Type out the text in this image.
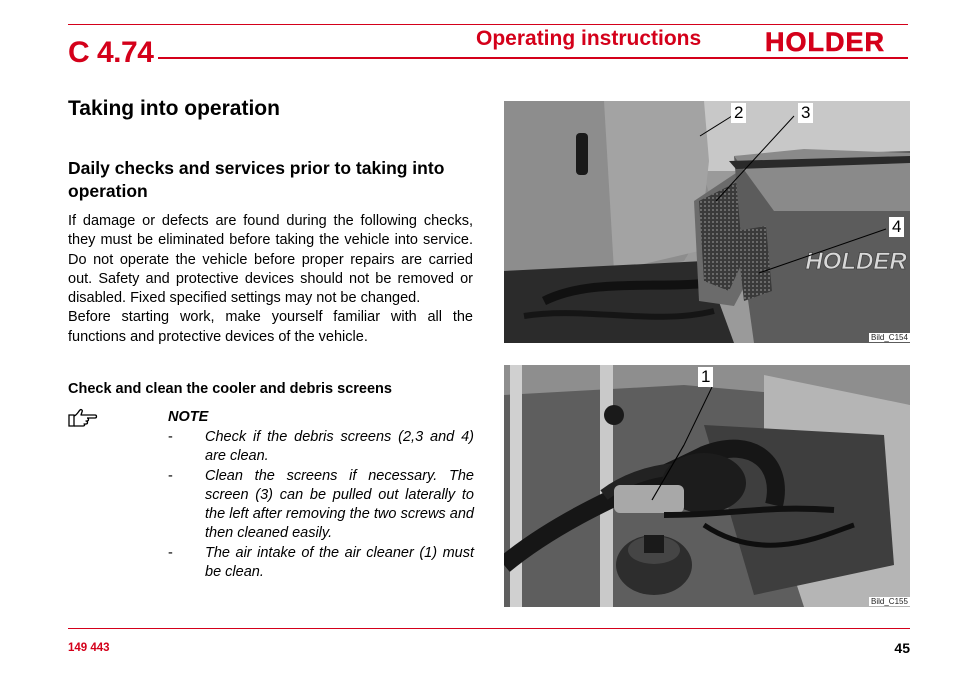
C 4.74	Operating instructions HOLDER
Taking into operation
Daily checks and services prior to taking into operation

If damage or defects are found during the following checks, they must be eliminated before taking the vehicle into service. Do not operate the vehicle before proper repairs are carried out. Safety and protective devices should not be removed or disabled. Fixed specified settings may not be changed.

Before starting work, make yourself familiar with all the functions and protective devices of the vehicle.

Check and clean the cooler and debris screens
NOTE
- Check if the debris screens (2,3 and 4) are clean.
- Clean the screens if necessary. The screen (3) can be pulled out laterally to the left after removing the two screws and then cleaned easily.
- The air intake of the air cleaner (1) must be clean.
HOLDER
2	3
4
Bild_C154
1
Bild_C155
149 443	45
